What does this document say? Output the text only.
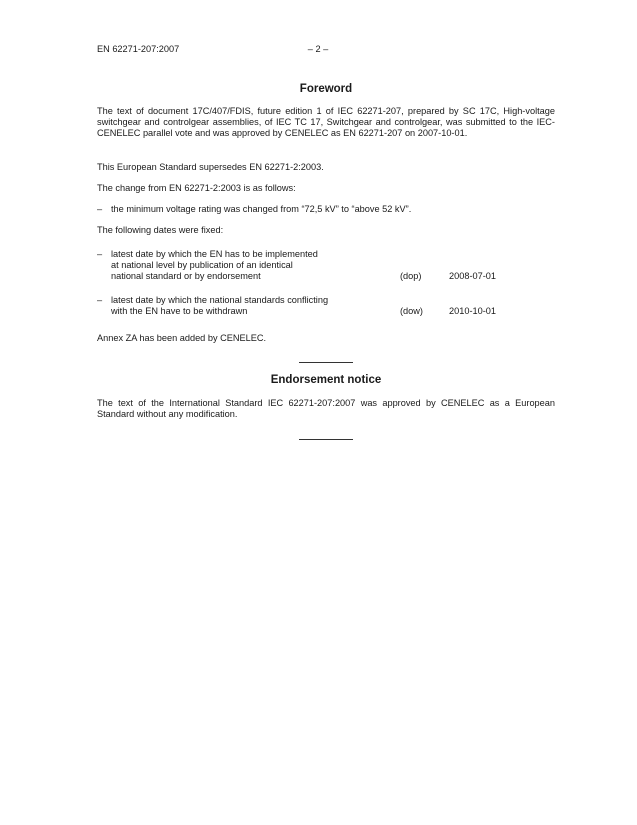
EN 62271-207:2007	– 2 –
Foreword
The text of document 17C/407/FDIS, future edition 1 of IEC 62271-207, prepared by SC 17C, High-voltage switchgear and controlgear assemblies, of IEC TC 17, Switchgear and controlgear, was submitted to the IEC-CENELEC parallel vote and was approved by CENELEC as EN 62271-207 on 2007-10-01.
This European Standard supersedes EN 62271-2:2003.
The change from EN 62271-2:2003 is as follows:
– the minimum voltage rating was changed from “72,5 kV” to “above 52 kV”.
The following dates were fixed:
– latest date by which the EN has to be implemented
at national level by publication of an identical
national standard or by endorsement	(dop)	2008-07-01
– latest date by which the national standards conflicting
with the EN have to be withdrawn	(dow)	2010-10-01
Annex ZA has been added by CENELEC.
Endorsement notice
The text of the International Standard IEC 62271-207:2007 was approved by CENELEC as a European Standard without any modification.
